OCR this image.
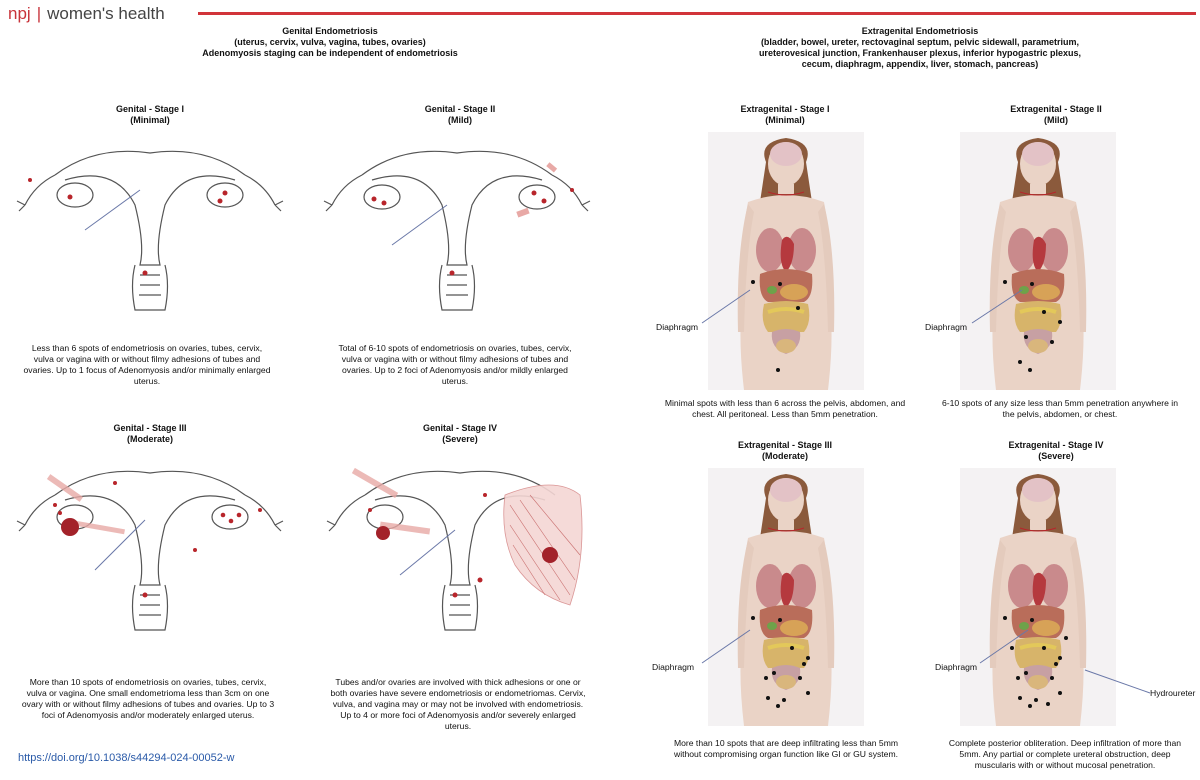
npj | women's health
Genital Endometriosis
(uterus, cervix, vulva, vagina, tubes, ovaries)
Adenomyosis staging can be independent of endometriosis
Extragenital Endometriosis
(bladder, bowel, ureter, rectovaginal septum, pelvic sidewall, parametrium,
ureterovesical junction, Frankenhauser plexus, inferior hypogastric plexus,
cecum, diaphragm, appendix, liver, stomach, pancreas)
Genital - Stage I
(Minimal)
Less than 6 spots of endometriosis on ovaries, tubes, cervix, vulva or vagina with or without filmy adhesions of tubes and ovaries. Up to 1 focus of Adenomyosis and/or minimally enlarged uterus.
Genital - Stage II
(Mild)
Total of 6-10 spots of endometriosis on ovaries, tubes, cervix, vulva or vagina with or without filmy adhesions of tubes and ovaries. Up to 2 foci of Adenomyosis and/or mildly enlarged uterus.
Genital - Stage III
(Moderate)
More than 10 spots of endometriosis on ovaries, tubes, cervix, vulva or vagina. One small endometrioma less than 3cm on one ovary with or without filmy adhesions of tubes and ovaries. Up to 3 foci of Adenomyosis and/or moderately enlarged uterus.
Genital - Stage IV
(Severe)
Tubes and/or ovaries are involved with thick adhesions or one or both ovaries have severe endometriosis or endometriomas. Cervix, vulva, and vagina may or may not be involved with endometriosis. Up to 4 or more foci of Adenomyosis and/or severely enlarged uterus.
Extragenital - Stage I
(Minimal)
Diaphragm
Minimal spots with less than 6 across the pelvis, abdomen, and chest. All peritoneal. Less than 5mm penetration.
Extragenital - Stage II
(Mild)
Diaphragm
6-10 spots of any size less than 5mm penetration anywhere in the pelvis, abdomen, or chest.
Extragenital - Stage III
(Moderate)
Diaphragm
More than 10 spots that are deep infiltrating less than 5mm without compromising organ function like GI or GU system.
Extragenital - Stage IV
(Severe)
Diaphragm
Hydroureter
Complete posterior obliteration. Deep infiltration of more than 5mm. Any partial or complete ureteral obstruction, deep muscularis with or without mucosal penetration.
https://doi.org/10.1038/s44294-024-00052-w
